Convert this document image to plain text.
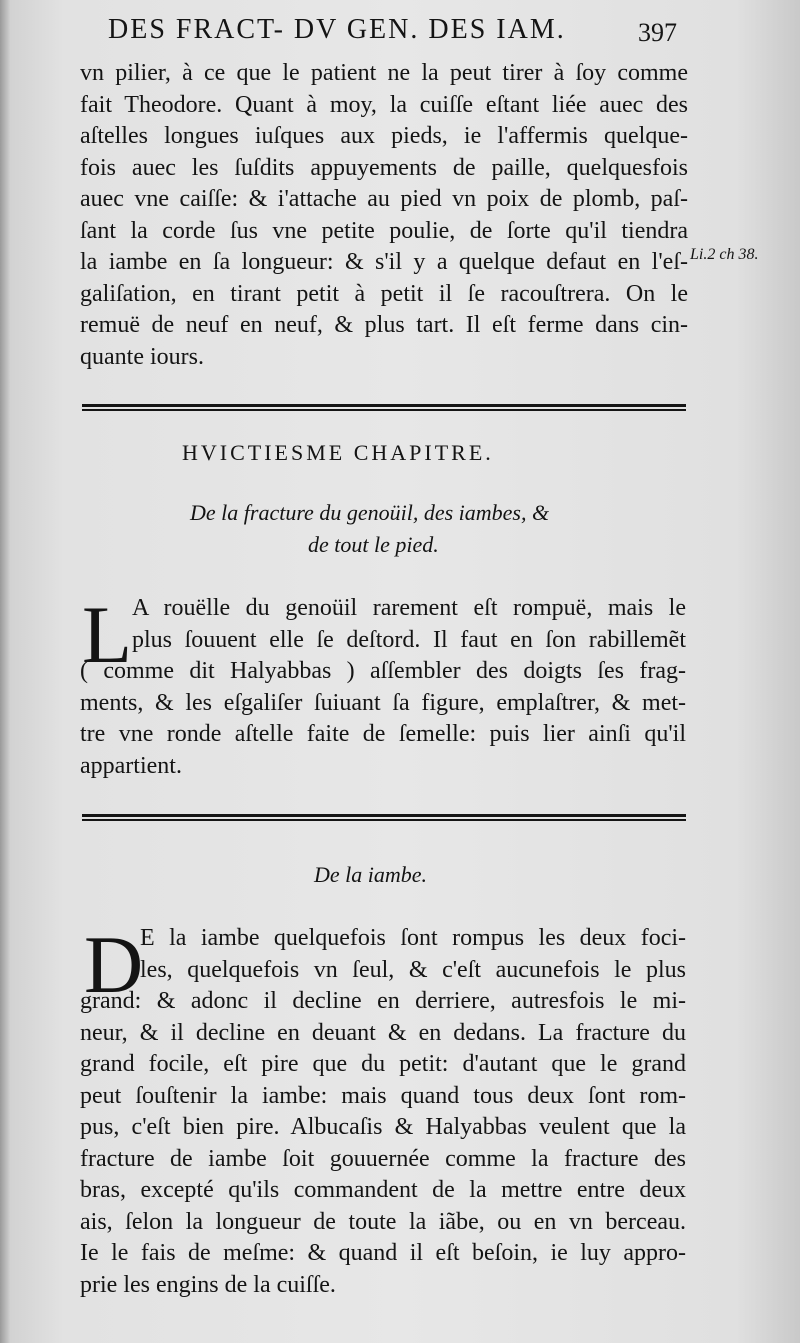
DES FRACT- DV GEN. DES IAM.	397
vn pilier, à ce que le patient ne la peut tirer à ſoy comme
fait Theodore. Quant à moy, la cuiſſe eſtant liée auec des
aſtelles longues iuſques aux pieds, ie l'affermis quelque-
fois auec les ſuſdits appuyements de paille, quelquesfois
auec vne caiſſe: & i'attache au pied vn poix de plomb, paſ-
ſant la corde ſus vne petite poulie, de ſorte qu'il tiendra
la iambe en ſa longueur: & s'il y a quelque defaut en l'eſ-
galiſation, en tirant petit à petit il ſe racouſtrera. On le
remuë de neuf en neuf, & plus tart. Il eſt ferme dans cin-
quante iours.
Li.2 ch 38.
HVICTIESME CHAPITRE.
De la fracture du genoüil, des iambes, &
de tout le pied.
L A rouëlle du genoüil rarement eſt rompuë, mais le
plus ſouuent elle ſe deſtord. Il faut en ſon rabillemẽt
( comme dit Halyabbas ) aſſembler des doigts ſes frag-
ments, & les eſgaliſer ſuiuant ſa figure, emplaſtrer, & met-
tre vne ronde aſtelle faite de ſemelle: puis lier ainſi qu'il
appartient.
De la iambe.
D
E la iambe quelquefois ſont rompus les deux foci-
les, quelquefois vn ſeul, & c'eſt aucunefois le plus
grand: & adonc il decline en derriere, autresfois le mi-
neur, & il decline en deuant & en dedans. La fracture du
grand focile, eſt pire que du petit: d'autant que le grand
peut ſouſtenir la iambe: mais quand tous deux ſont rom-
pus, c'eſt bien pire. Albucaſis & Halyabbas veulent que la
fracture de iambe ſoit gouuernée comme la fracture des
bras, excepté qu'ils commandent de la mettre entre deux
ais, ſelon la longueur de toute la iãbe, ou en vn berceau.
Ie le fais de meſme: & quand il eſt beſoin, ie luy appro-
prie les engins de la cuiſſe.
